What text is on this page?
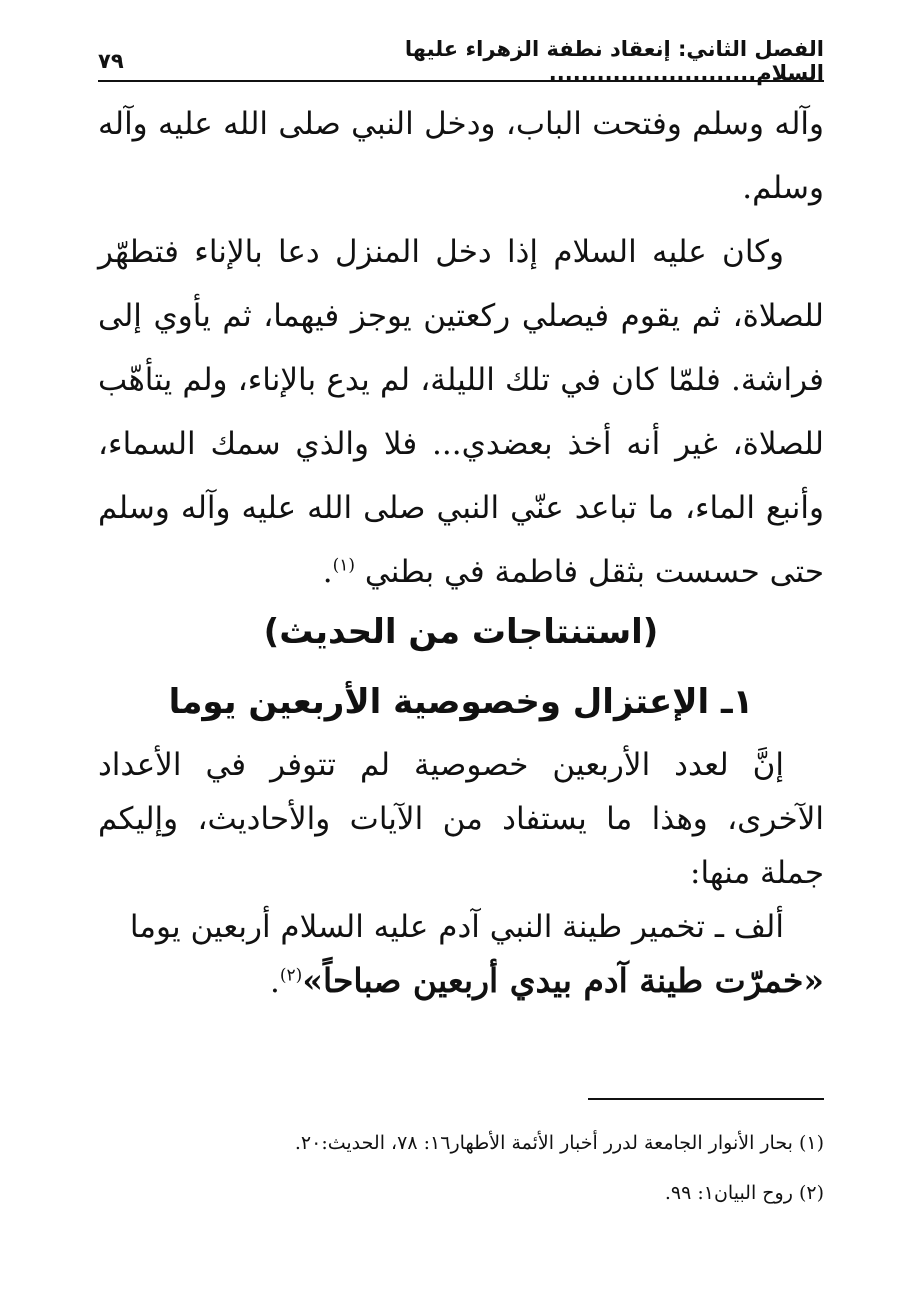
الفصل الثاني: إنعقاد نطفة الزهراء عليها السلام..........................
٧٩

وآله وسلم وفتحت الباب، ودخل النبي صلى الله عليه وآله وسلم.

وكان عليه السلام إذا دخل المنزل دعا بالإناء فتطهّر للصلاة، ثم يقوم فيصلي ركعتين يوجز فيهما، ثم يأوي إلى فراشة. فلمّا كان في تلك الليلة، لم يدع بالإناء، ولم يتأهّب للصلاة، غير أنه أخذ بعضدي... فلا والذي سمك السماء، وأنبع الماء، ما تباعد عنّي النبي صلى الله عليه وآله وسلم حتى حسست بثقل فاطمة في بطني $^{(١)}$.

(استنتاجات من الحديث)
١ـ الإعتزال وخصوصية الأربعين يوما

إنَّ لعدد الأربعين خصوصية لم تتوفر في الأعداد الآخرى، وهذا ما يستفاد من الآيات والأحاديث، وإليكم جملة منها:

ألف ـ تخمير طينة النبي آدم عليه السلام أربعين يوما

«خمرّت طينة آدم بيدي أربعين صباحاً»$^{(٢)}$.

(١) بحار الأنوار الجامعة لدرر أخبار الأئمة الأطهار١٦: ٧٨، الحديث:٢٠.

(٢) روح البيان١: ٩٩.
